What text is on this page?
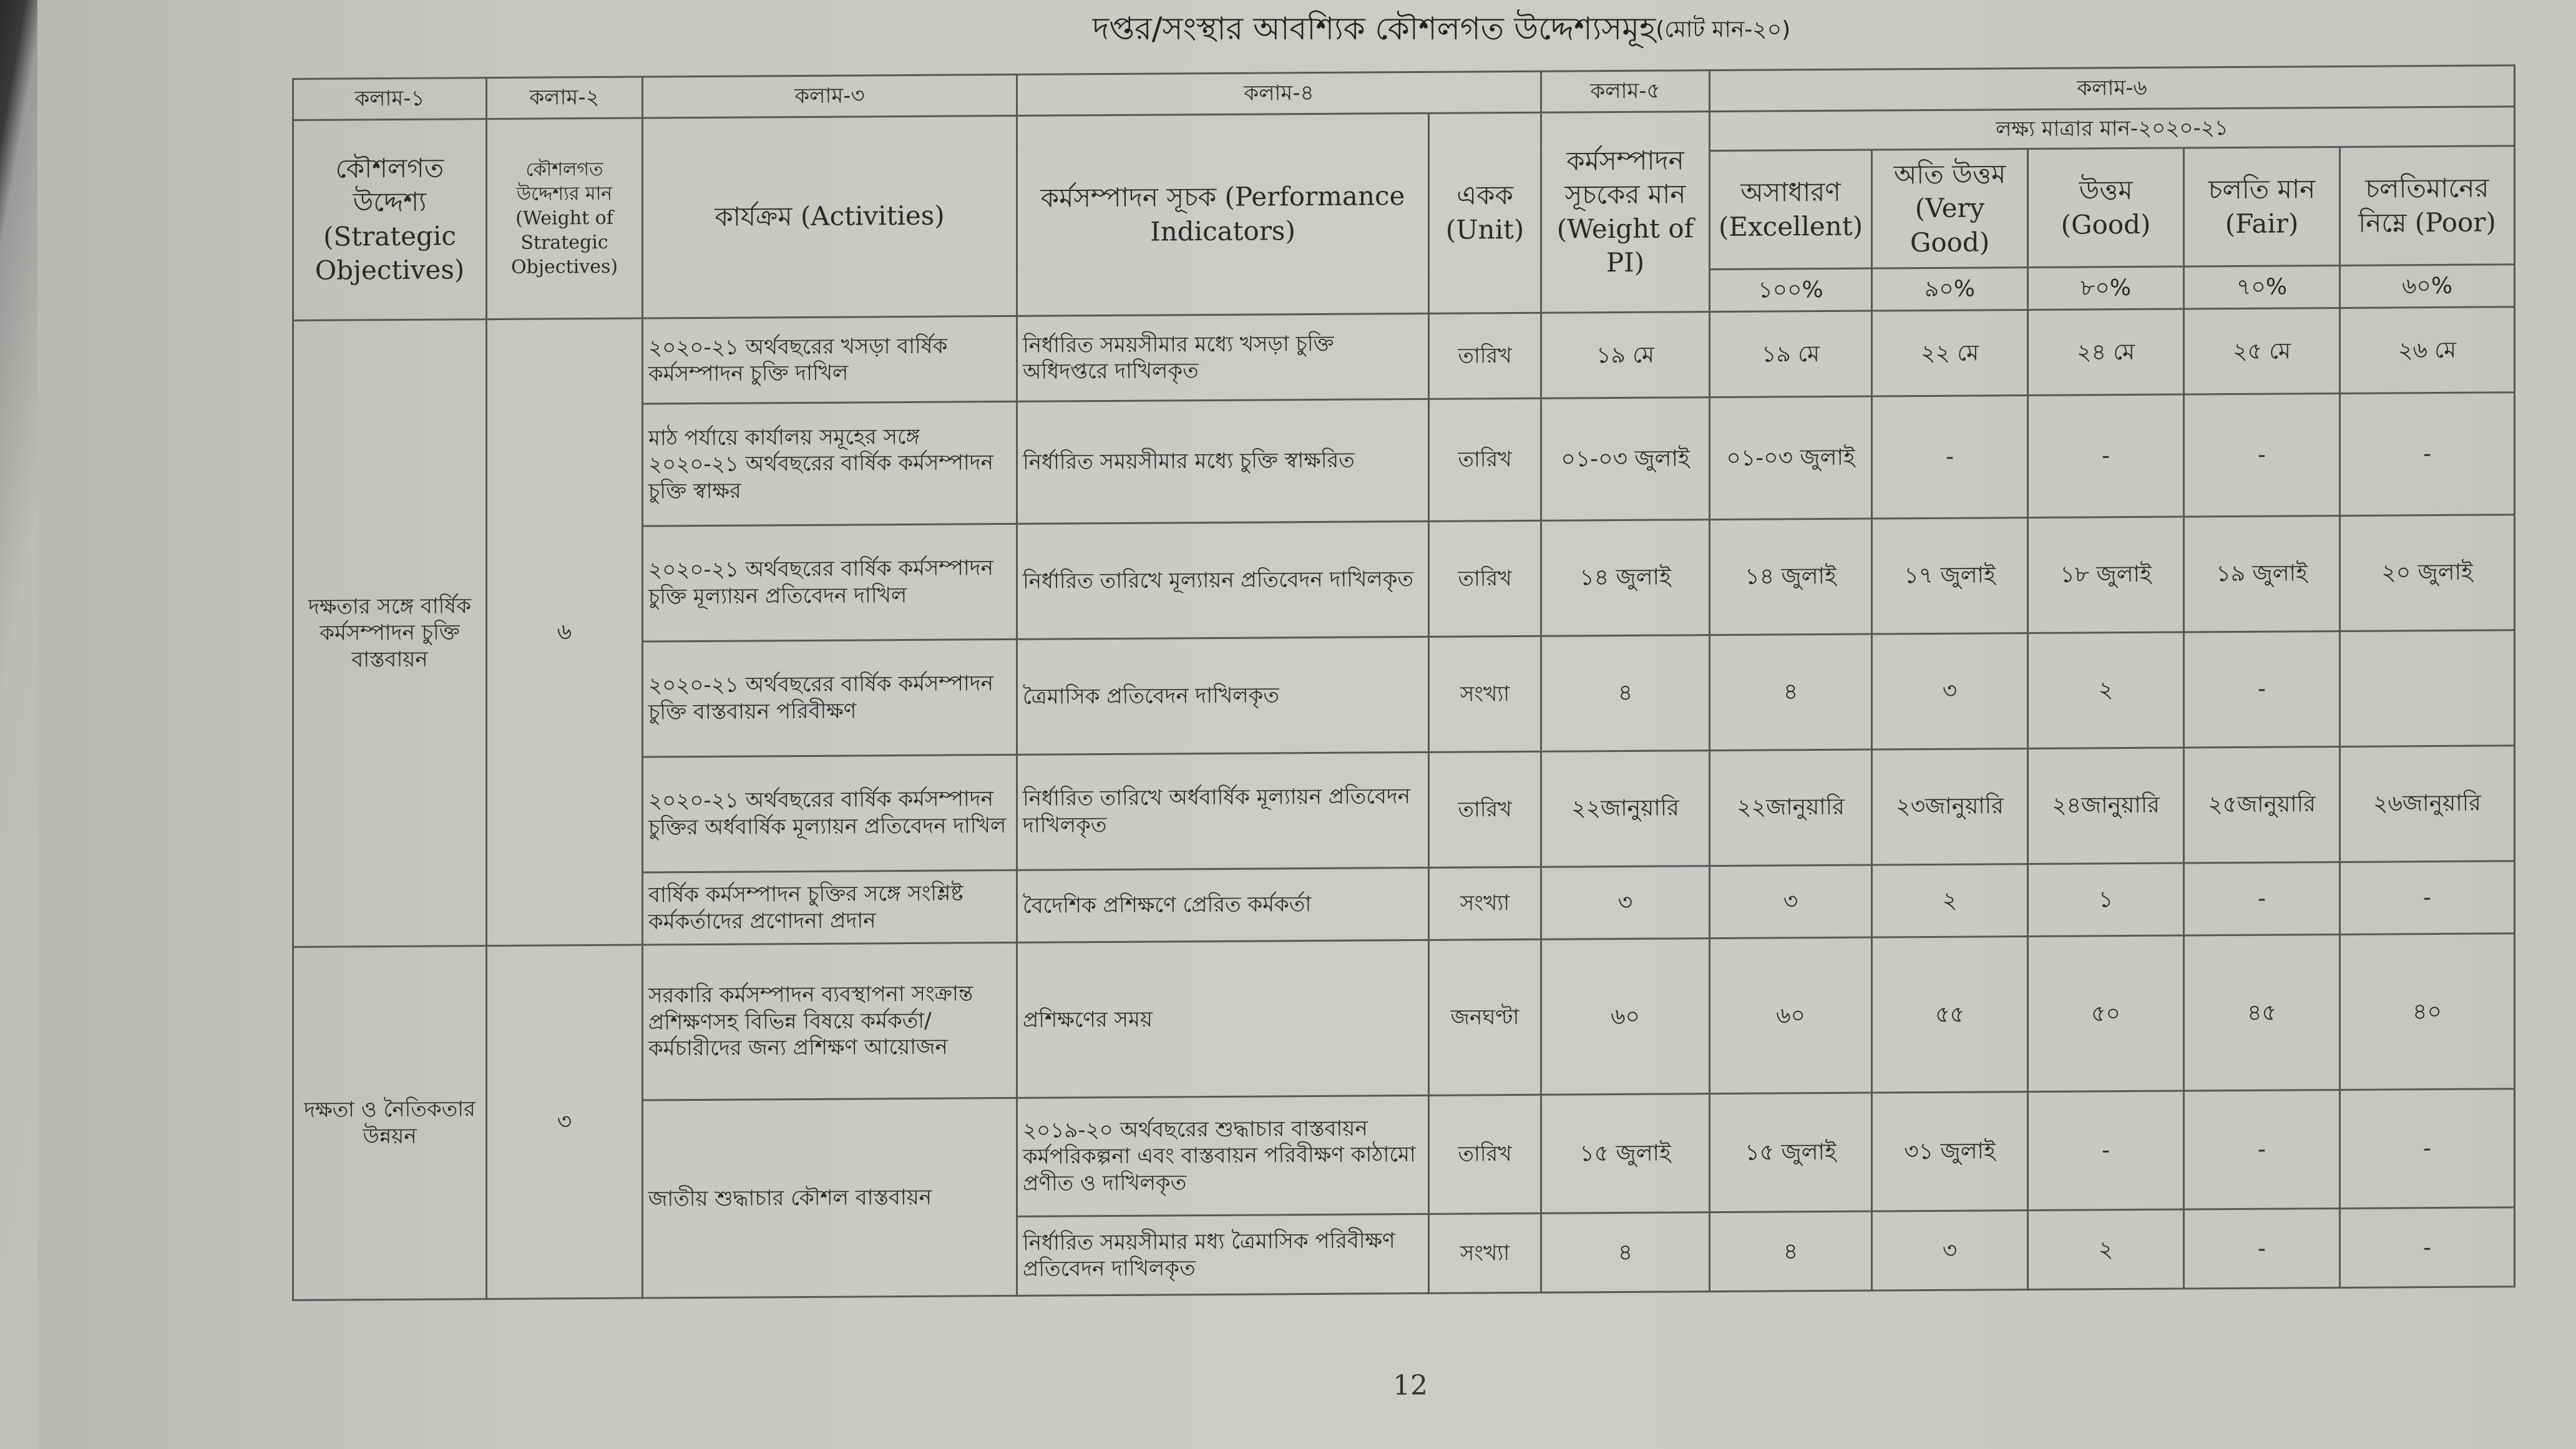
দপ্তর/সংস্থার আবশ্যিক কৌশলগত উদ্দেশ্যসমূহ (মোট মান-২০)
কলাম-১	কলাম-২	কলাম-৩	কলাম-৪		কলাম-৫	কলাম-৬				
কৌশলগত উদ্দেশ্য (Strategic Objectives)	কৌশলগত উদ্দেশ্যর মান (Weight of Strategic Objectives)	কার্যক্রম (Activities)	কর্মসম্পাদন সূচক (Performance Indicators)	একক (Unit)	কর্মসম্পাদন সূচকের মান (Weight of PI)	লক্ষ্য মাত্রার মান-২০২০-২১				
						অসাধারণ (Excellent)	অতি উত্তম (Very Good)	উত্তম (Good)	চলতি মান (Fair)	চলতিমানের নিম্নে (Poor)
						১০০%	৯০%	৮০%	৭০%	৬০%
দক্ষতার সঙ্গে বার্ষিক কর্মসম্পাদন চুক্তি বাস্তবায়ন	৬	২০২০-২১ অর্থবছরের খসড়া বার্ষিক কর্মসম্পাদন চুক্তি দাখিল	নির্ধারিত সময়সীমার মধ্যে খসড়া চুক্তি অধিদপ্তরে দাখিলকৃত	তারিখ	১৯ মে	১৯ মে	২২ মে	২৪ মে	২৫ মে	২৬ মে
		মাঠ পর্যায়ে কার্যালয় সমূহের সঙ্গে ২০২০-২১ অর্থবছরের বার্ষিক কর্মসম্পাদন চুক্তি স্বাক্ষর	নির্ধারিত সময়সীমার মধ্যে চুক্তি স্বাক্ষরিত	তারিখ	০১-০৩ জুলাই	০১-০৩ জুলাই	-	-	-	-
		২০২০-২১ অর্থবছরের বার্ষিক কর্মসম্পাদন চুক্তি মূল্যায়ন প্রতিবেদন দাখিল	নির্ধারিত তারিখে মূল্যায়ন প্রতিবেদন দাখিলকৃত	তারিখ	১৪ জুলাই	১৪ জুলাই	১৭ জুলাই	১৮ জুলাই	১৯ জুলাই	২০ জুলাই
		২০২০-২১ অর্থবছরের বার্ষিক কর্মসম্পাদন চুক্তি বাস্তবায়ন পরিবীক্ষণ	ত্রৈমাসিক প্রতিবেদন দাখিলকৃত	সংখ্যা	৪	৪	৩	২	-	
		২০২০-২১ অর্থবছরের বার্ষিক কর্মসম্পাদন চুক্তির অর্ধবার্ষিক মূল্যায়ন প্রতিবেদন দাখিল	নির্ধারিত তারিখে অর্ধবার্ষিক মূল্যায়ন প্রতিবেদন দাখিলকৃত	তারিখ	২২জানুয়ারি	২২জানুয়ারি	২৩জানুয়ারি	২৪জানুয়ারি	২৫জানুয়ারি	২৬জানুয়ারি
		বার্ষিক কর্মসম্পাদন চুক্তির সঙ্গে সংশ্লিষ্ট কর্মকর্তাদের প্রণোদনা প্রদান	বৈদেশিক প্রশিক্ষণে প্রেরিত কর্মকর্তা	সংখ্যা	৩	৩	২	১	-	-
দক্ষতা ও নৈতিকতার উন্নয়ন	৩	সরকারি কর্মসম্পাদন ব্যবস্থাপনা সংক্রান্ত প্রশিক্ষণসহ বিভিন্ন বিষয়ে কর্মকর্তা/কর্মচারীদের জন্য প্রশিক্ষণ আয়োজন	প্রশিক্ষণের সময়	জনঘণ্টা	৬০	৬০	৫৫	৫০	৪৫	৪০
		জাতীয় শুদ্ধাচার কৌশল বাস্তবায়ন	২০১৯-২০ অর্থবছরের শুদ্ধাচার বাস্তবায়ন কর্মপরিকল্পনা এবং বাস্তবায়ন পরিবীক্ষণ কাঠামো প্রণীত ও দাখিলকৃত	তারিখ	১৫ জুলাই	১৫ জুলাই	৩১ জুলাই	-	-	-
			নির্ধারিত সময়সীমার মধ্য ত্রৈমাসিক পরিবীক্ষণ প্রতিবেদন দাখিলকৃত	সংখ্যা	৪	৪	৩	২	-	-
12
